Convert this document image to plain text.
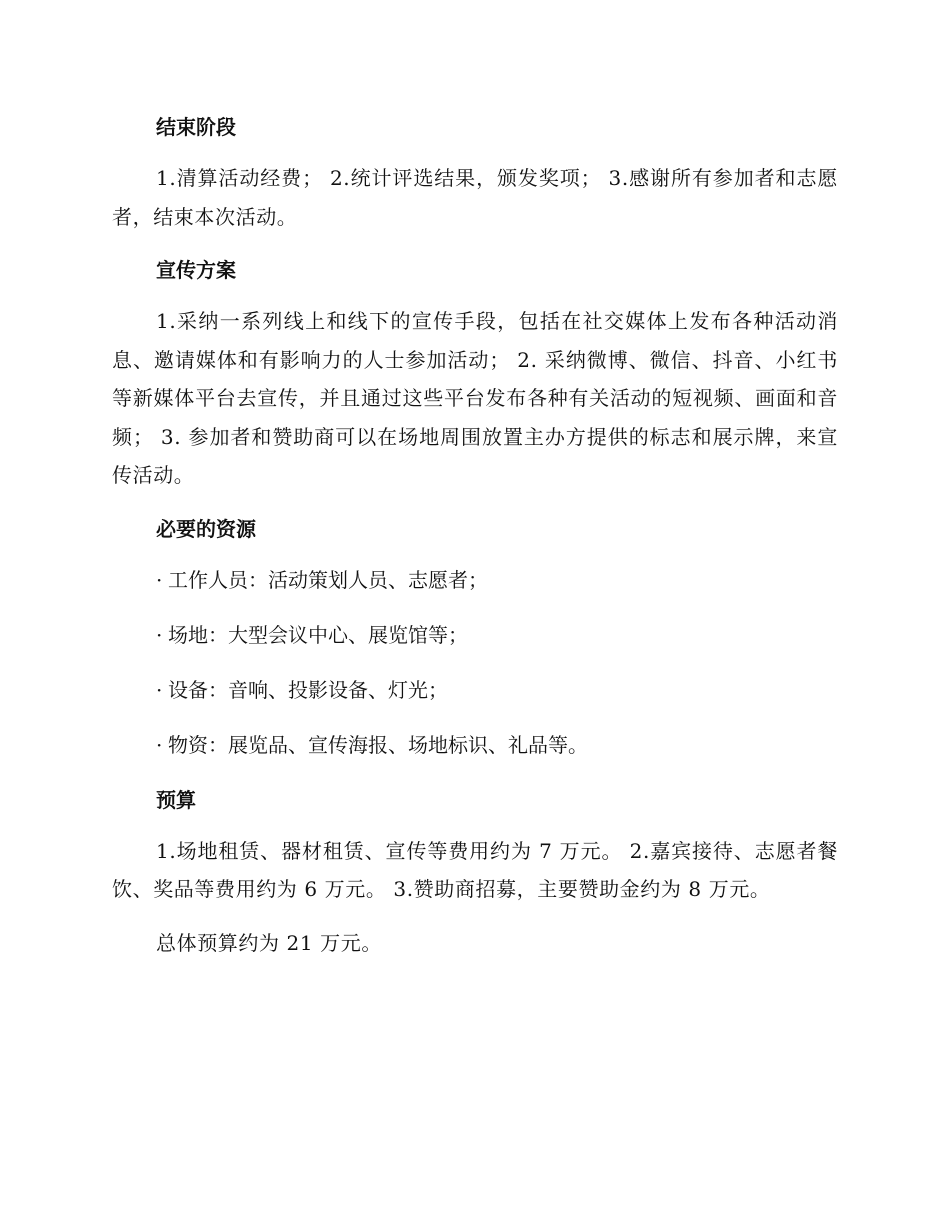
结束阶段

1.清算活动经费； 2.统计评选结果，颁发奖项； 3.感谢所有参加者和志愿者，结束本次活动。

宣传方案

1.采纳一系列线上和线下的宣传手段，包括在社交媒体上发布各种活动消息、邀请媒体和有影响力的人士参加活动； 2. 采纳微博、微信、抖音、小红书等新媒体平台去宣传，并且通过这些平台发布各种有关活动的短视频、画面和音频； 3. 参加者和赞助商可以在场地周围放置主办方提供的标志和展示牌，来宣传活动。

必要的资源
· 工作人员：活动策划人员、志愿者；
· 场地：大型会议中心、展览馆等；
· 设备：音响、投影设备、灯光；
· 物资：展览品、宣传海报、场地标识、礼品等。
预算

1.场地租赁、器材租赁、宣传等费用约为 7 万元。 2.嘉宾接待、志愿者餐饮、奖品等费用约为 6 万元。 3.赞助商招募，主要赞助金约为 8 万元。

总体预算约为 21 万元。
